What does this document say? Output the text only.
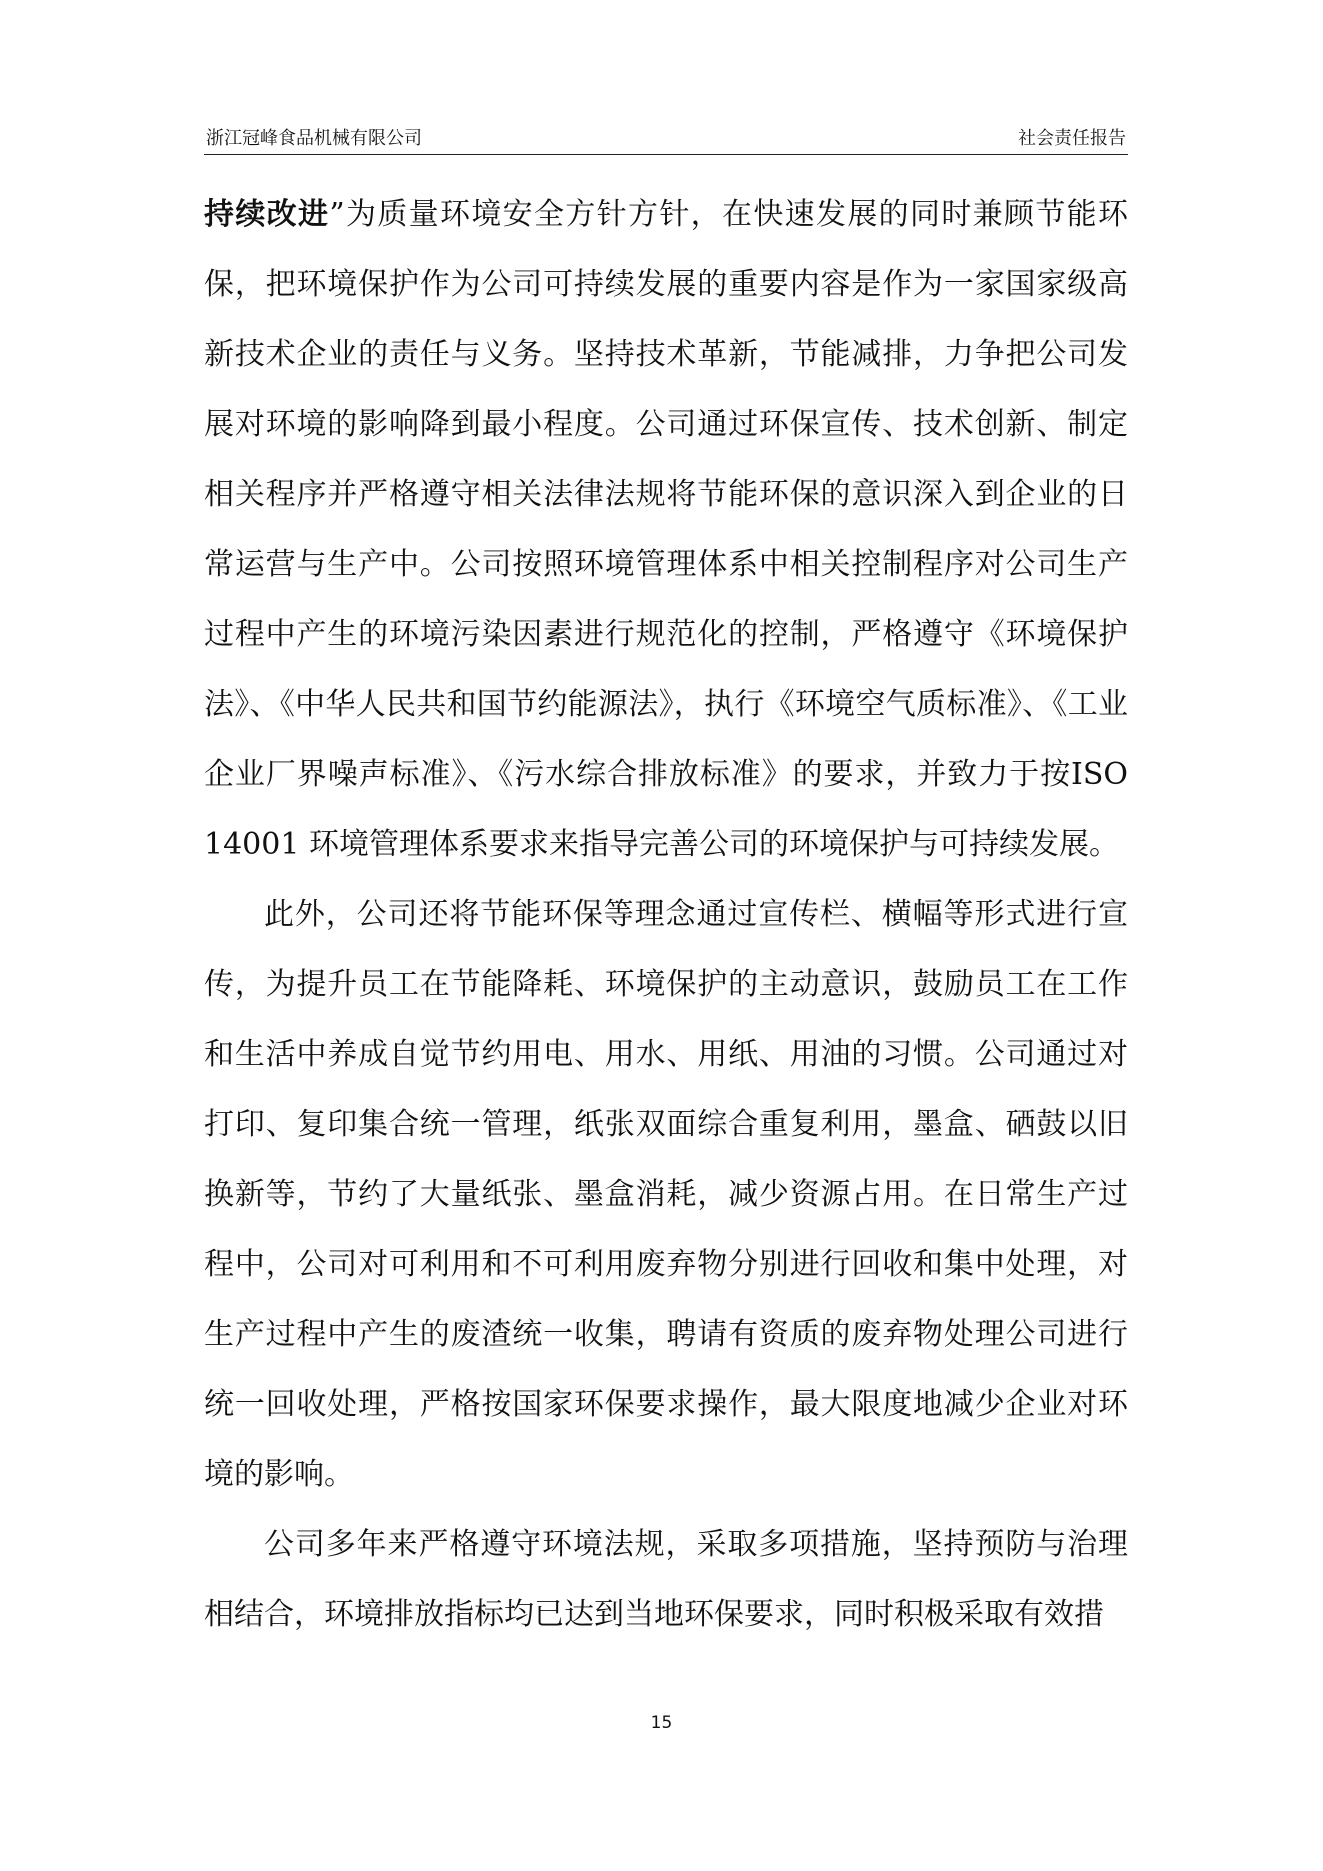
浙江冠峰食品机械有限公司	社会责任报告

持续改进”为质量环境安全方针方针，在快速发展的同时兼顾节能环保，把环境保护作为公司可持续发展的重要内容是作为一家国家级高新技术企业的责任与义务。坚持技术革新，节能减排，力争把公司发展对环境的影响降到最小程度。公司通过环保宣传、技术创新、制定相关程序并严格遵守相关法律法规将节能环保的意识深入到企业的日常运营与生产中。公司按照环境管理体系中相关控制程序对公司生产过程中产生的环境污染因素进行规范化的控制，严格遵守《环境保护法》、《中华人民共和国节约能源法》，执行《环境空气质标准》、《工业企业厂界噪声标准》、《污水综合排放标准》的要求，并致力于按ISO 14001 环境管理体系要求来指导完善公司的环境保护与可持续发展。

此外，公司还将节能环保等理念通过宣传栏、横幅等形式进行宣传，为提升员工在节能降耗、环境保护的主动意识，鼓励员工在工作和生活中养成自觉节约用电、用水、用纸、用油的习惯。公司通过对打印、复印集合统一管理，纸张双面综合重复利用，墨盒、硒鼓以旧换新等，节约了大量纸张、墨盒消耗，减少资源占用。在日常生产过程中，公司对可利用和不可利用废弃物分别进行回收和集中处理，对生产过程中产生的废渣统一收集，聘请有资质的废弃物处理公司进行统一回收处理，严格按国家环保要求操作，最大限度地减少企业对环境的影响。

公司多年来严格遵守环境法规，采取多项措施，坚持预防与治理相结合，环境排放指标均已达到当地环保要求，同时积极采取有效措

15
